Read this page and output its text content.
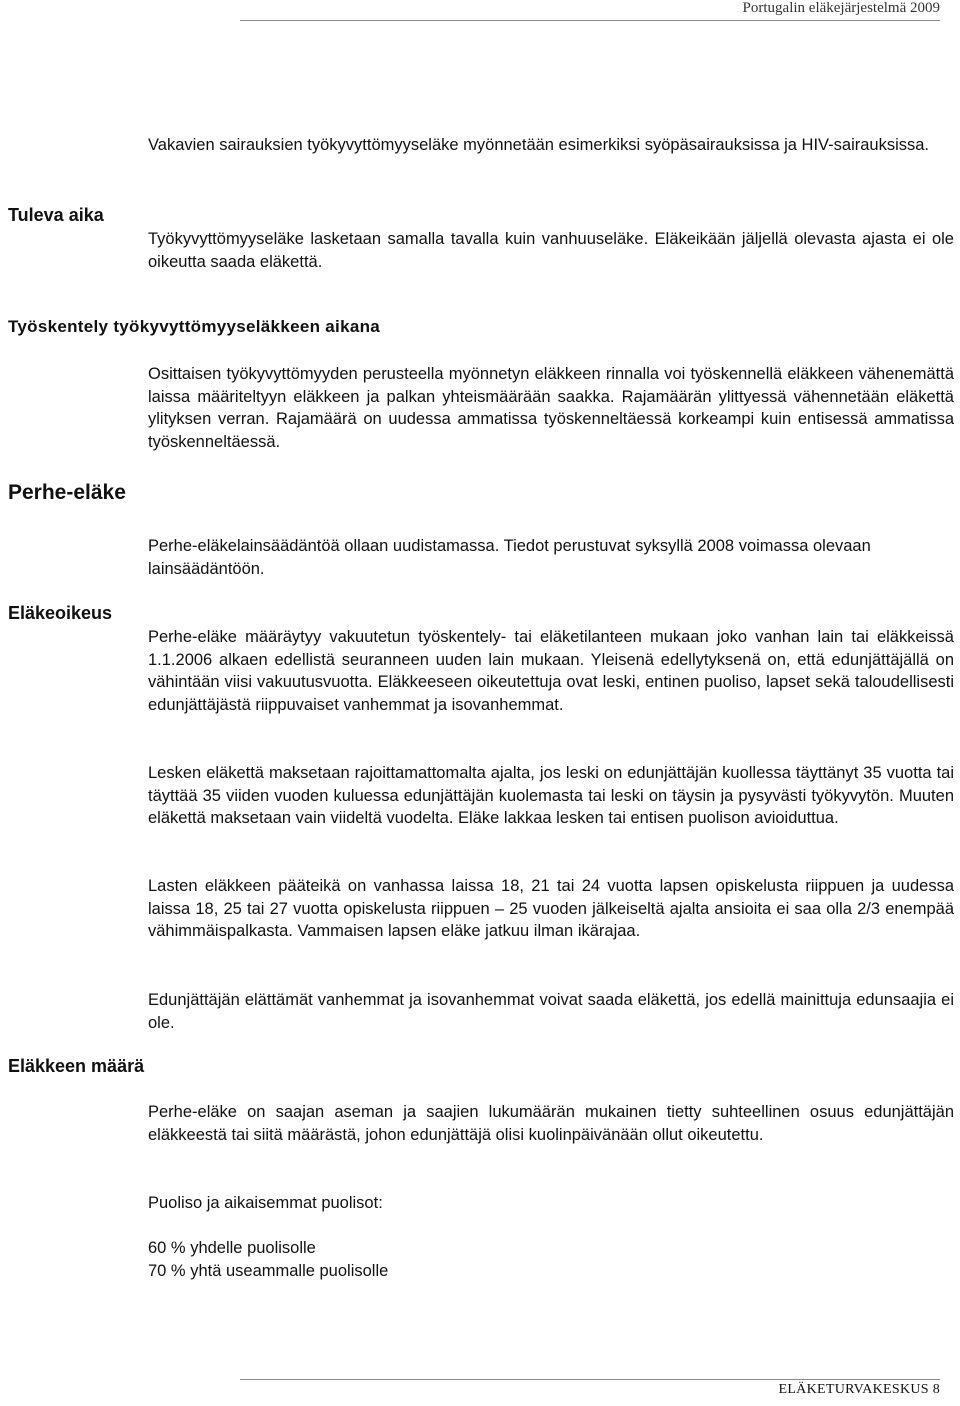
Portugalin eläkejärjestelmä 2009

Vakavien sairauksien työkyvyttömyyseläke myönnetään esimerkiksi syöpäsairauksissa ja HIV-sairauksissa.

Tuleva aika

Työkyvyttömyyseläke lasketaan samalla tavalla kuin vanhuuseläke. Eläkeikään jäljellä olevasta ajasta ei ole oikeutta saada eläkettä.

Työskentely työkyvyttömyyseläkkeen aikana

Osittaisen työkyvyttömyyden perusteella myönnetyn eläkkeen rinnalla voi työskennellä eläkkeen vähenemättä laissa määriteltyyn eläkkeen ja palkan yhteismäärään saakka. Rajamäärän ylittyessä vähennetään eläkettä ylityksen verran. Rajamäärä on uudessa ammatissa työskenneltäessä korkeampi kuin entisessä ammatissa työskenneltäessä.

Perhe-eläke

Perhe-eläkelainsäädäntöä ollaan uudistamassa. Tiedot perustuvat syksyllä 2008 voimassa olevaan lainsäädäntöön.

Eläkeoikeus

Perhe-eläke määräytyy vakuutetun työskentely- tai eläketilanteen mukaan joko vanhan lain tai eläkkeissä 1.1.2006 alkaen edellistä seuranneen uuden lain mukaan. Yleisenä edellytyksenä on, että edunjättäjällä on vähintään viisi vakuutusvuotta. Eläkkeeseen oikeutettuja ovat leski, entinen puoliso, lapset sekä taloudellisesti edunjättäjästä riippuvaiset vanhemmat ja isovanhemmat.

Lesken eläkettä maksetaan rajoittamattomalta ajalta, jos leski on edunjättäjän kuollessa täyttänyt 35 vuotta tai täyttää 35 viiden vuoden kuluessa edunjättäjän kuolemasta tai leski on täysin ja pysyvästi työkyvytön. Muuten eläkettä maksetaan vain viideltä vuodelta. Eläke lakkaa lesken tai entisen puolison avioiduttua.

Lasten eläkkeen pääteikä on vanhassa laissa 18, 21 tai 24 vuotta lapsen opiskelusta riippuen ja uudessa laissa 18, 25 tai 27 vuotta opiskelusta riippuen – 25 vuoden jälkeiseltä ajalta ansioita ei saa olla 2/3 enempää vähimmäispalkasta. Vammaisen lapsen eläke jatkuu ilman ikärajaa.

Edunjättäjän elättämät vanhemmat ja isovanhemmat voivat saada eläkettä, jos edellä mainittuja edunsaajia ei ole.

Eläkkeen määrä

Perhe-eläke on saajan aseman ja saajien lukumäärän mukainen tietty suhteellinen osuus edunjättäjän eläkkeestä tai siitä määrästä, johon edunjättäjä olisi kuolinpäivänään ollut oikeutettu.

Puoliso ja aikaisemmat puolisot:

60 % yhdelle puolisolle

70 % yhtä useammalle puolisolle

ELÄKETURVAKESKUS 8
